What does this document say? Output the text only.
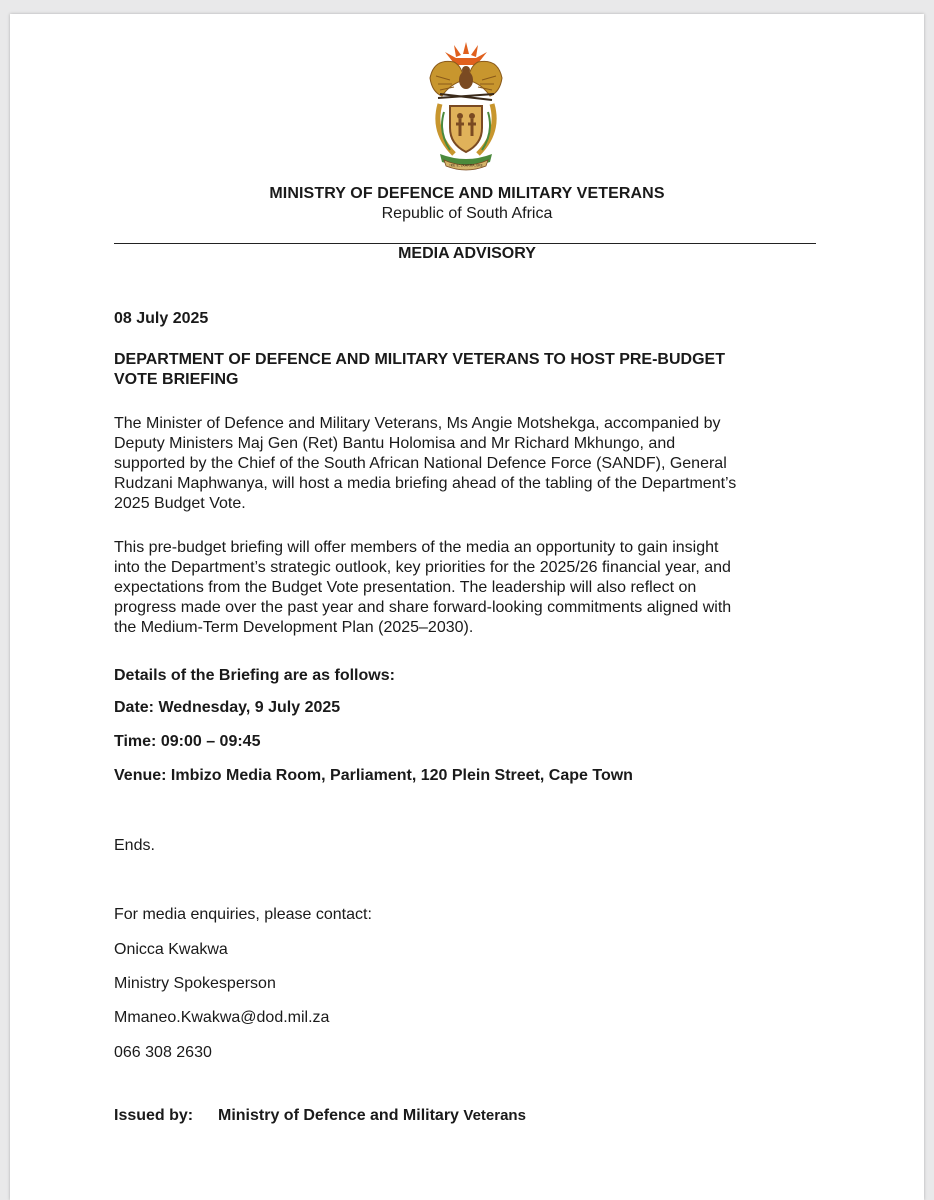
!KE E: /XARRA //KE
MINISTRY OF DEFENCE AND MILITARY VETERANS
Republic of South Africa
MEDIA ADVISORY
08 July 2025
DEPARTMENT OF DEFENCE AND MILITARY VETERANS TO HOST PRE-BUDGET
VOTE BRIEFING
The Minister of Defence and Military Veterans, Ms Angie Motshekga, accompanied by
Deputy Ministers Maj Gen (Ret) Bantu Holomisa and Mr Richard Mkhungo, and
supported by the Chief of the South African National Defence Force (SANDF), General
Rudzani Maphwanya, will host a media briefing ahead of the tabling of the Department’s
2025 Budget Vote.
This pre-budget briefing will offer members of the media an opportunity to gain insight
into the Department’s strategic outlook, key priorities for the 2025/26 financial year, and
expectations from the Budget Vote presentation. The leadership will also reflect on
progress made over the past year and share forward-looking commitments aligned with
the Medium-Term Development Plan (2025–2030).
Details of the Briefing are as follows:
Date: Wednesday, 9 July 2025
Time: 09:00 – 09:45
Venue: Imbizo Media Room, Parliament, 120 Plein Street, Cape Town
Ends.
For media enquiries, please contact:
Onicca Kwakwa
Ministry Spokesperson
Mmaneo.Kwakwa@dod.mil.za
066 308 2630
Issued by: Ministry of Defence and Military Veterans
